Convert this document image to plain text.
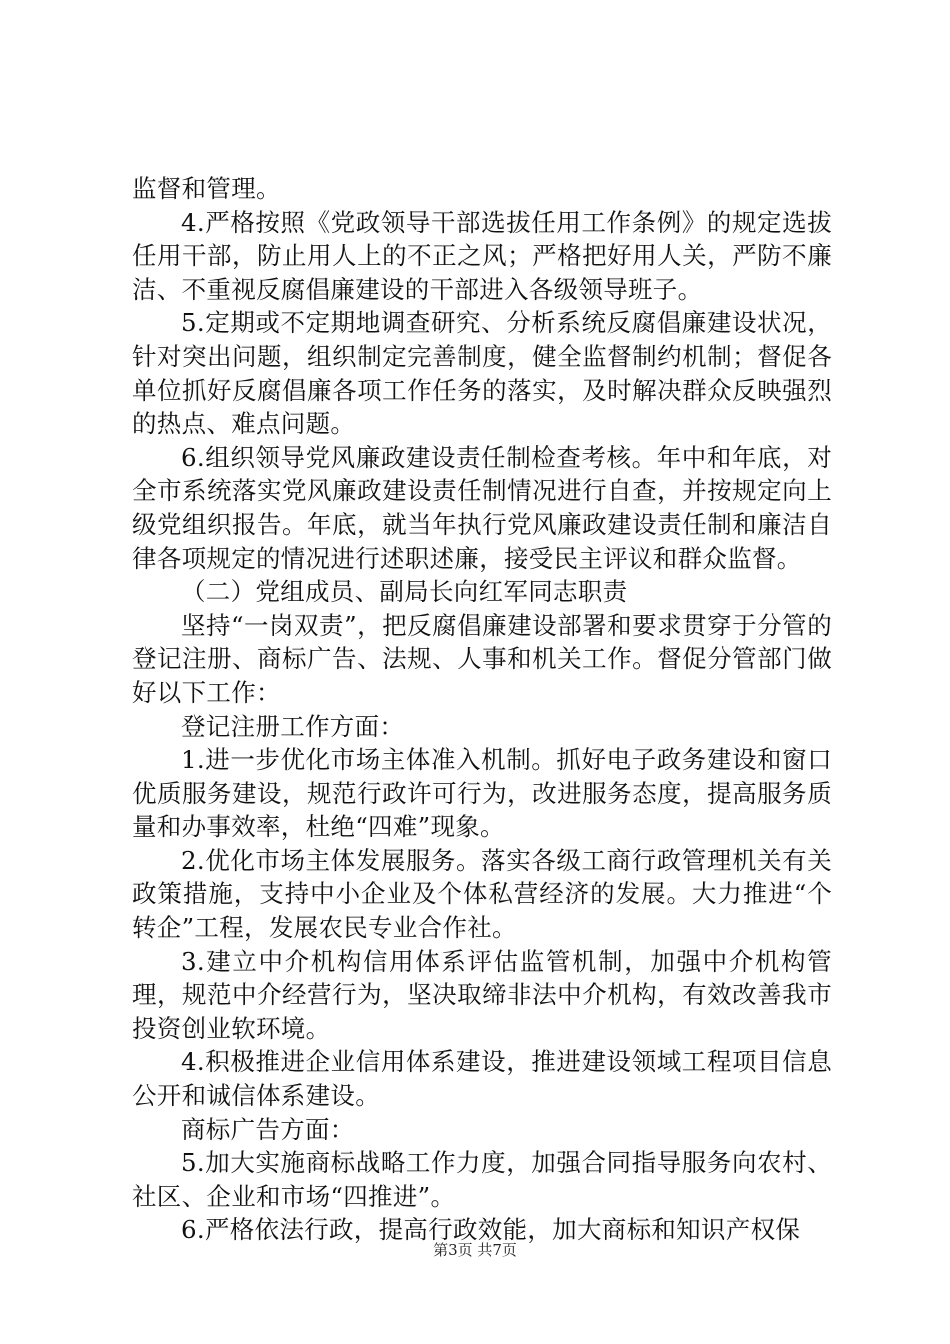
监督和管理。

4.严格按照《党政领导干部选拔任用工作条例》的规定选拔任用干部，防止用人上的不正之风；严格把好用人关，严防不廉洁、不重视反腐倡廉建设的干部进入各级领导班子。

5.定期或不定期地调查研究、分析系统反腐倡廉建设状况，针对突出问题，组织制定完善制度，健全监督制约机制；督促各单位抓好反腐倡廉各项工作任务的落实，及时解决群众反映强烈的热点、难点问题。

6.组织领导党风廉政建设责任制检查考核。年中和年底，对全市系统落实党风廉政建设责任制情况进行自查，并按规定向上级党组织报告。年底，就当年执行党风廉政建设责任制和廉洁自律各项规定的情况进行述职述廉，接受民主评议和群众监督。

（二）党组成员、副局长向红军同志职责

坚持“一岗双责”，把反腐倡廉建设部署和要求贯穿于分管的登记注册、商标广告、法规、人事和机关工作。督促分管部门做好以下工作：

登记注册工作方面：

1.进一步优化市场主体准入机制。抓好电子政务建设和窗口优质服务建设，规范行政许可行为，改进服务态度，提高服务质量和办事效率，杜绝“四难”现象。

2.优化市场主体发展服务。落实各级工商行政管理机关有关政策措施，支持中小企业及个体私营经济的发展。大力推进“个转企”工程，发展农民专业合作社。

3.建立中介机构信用体系评估监管机制，加强中介机构管理，规范中介经营行为，坚决取缔非法中介机构，有效改善我市投资创业软环境。

4.积极推进企业信用体系建设，推进建设领域工程项目信息公开和诚信体系建设。

商标广告方面：

5.加大实施商标战略工作力度，加强合同指导服务向农村、社区、企业和市场“四推进”。

6.严格依法行政，提高行政效能，加大商标和知识产权保

第3页 共7页
